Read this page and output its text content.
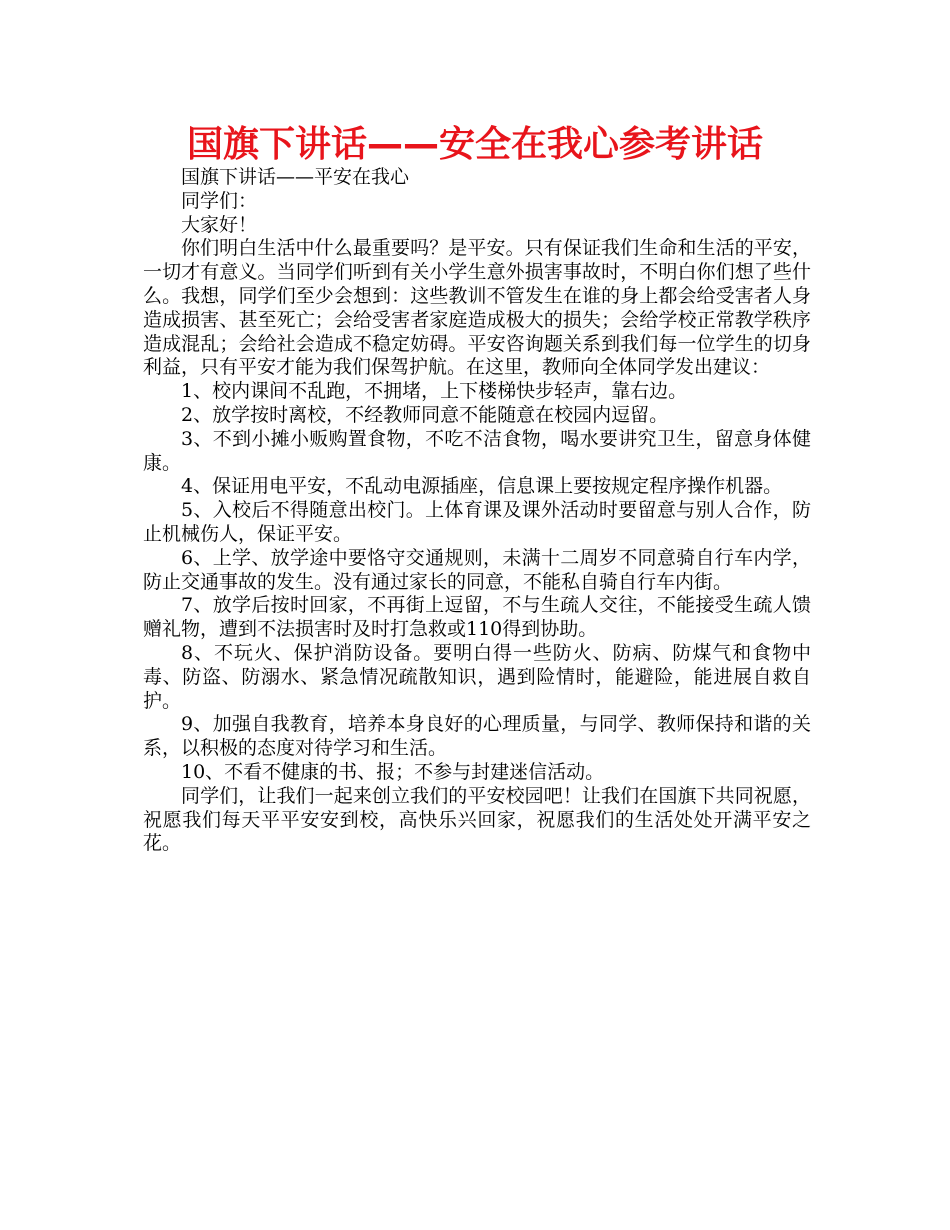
国旗下讲话——安全在我心参考讲话

国旗下讲话——平安在我心

同学们：

大家好！

你们明白生活中什么最重要吗？是平安。只有保证我们生命和生活的平安，一切才有意义。当同学们听到有关小学生意外损害事故时，不明白你们想了些什么。我想，同学们至少会想到：这些教训不管发生在谁的身上都会给受害者人身造成损害、甚至死亡；会给受害者家庭造成极大的损失；会给学校正常教学秩序造成混乱；会给社会造成不稳定妨碍。平安咨询题关系到我们每一位学生的切身利益，只有平安才能为我们保驾护航。在这里，教师向全体同学发出建议：

1、校内课间不乱跑，不拥堵，上下楼梯快步轻声，靠右边。

2、放学按时离校，不经教师同意不能随意在校园内逗留。

3、不到小摊小贩购置食物，不吃不洁食物，喝水要讲究卫生，留意身体健康。

4、保证用电平安，不乱动电源插座，信息课上要按规定程序操作机器。

5、入校后不得随意出校门。上体育课及课外活动时要留意与别人合作，防止机械伤人，保证平安。

6、上学、放学途中要恪守交通规则，未满十二周岁不同意骑自行车内学，防止交通事故的发生。没有通过家长的同意，不能私自骑自行车内街。

7、放学后按时回家，不再街上逗留，不与生疏人交往，不能接受生疏人馈赠礼物，遭到不法损害时及时打急救或110得到协助。

8、不玩火、保护消防设备。要明白得一些防火、防病、防煤气和食物中毒、防盗、防溺水、紧急情况疏散知识，遇到险情时，能避险，能进展自救自护。

9、加强自我教育，培养本身良好的心理质量，与同学、教师保持和谐的关系，以积极的态度对待学习和生活。

10、不看不健康的书、报；不参与封建迷信活动。

同学们，让我们一起来创立我们的平安校园吧！让我们在国旗下共同祝愿，祝愿我们每天平平安安到校，高快乐兴回家，祝愿我们的生活处处开满平安之花。
